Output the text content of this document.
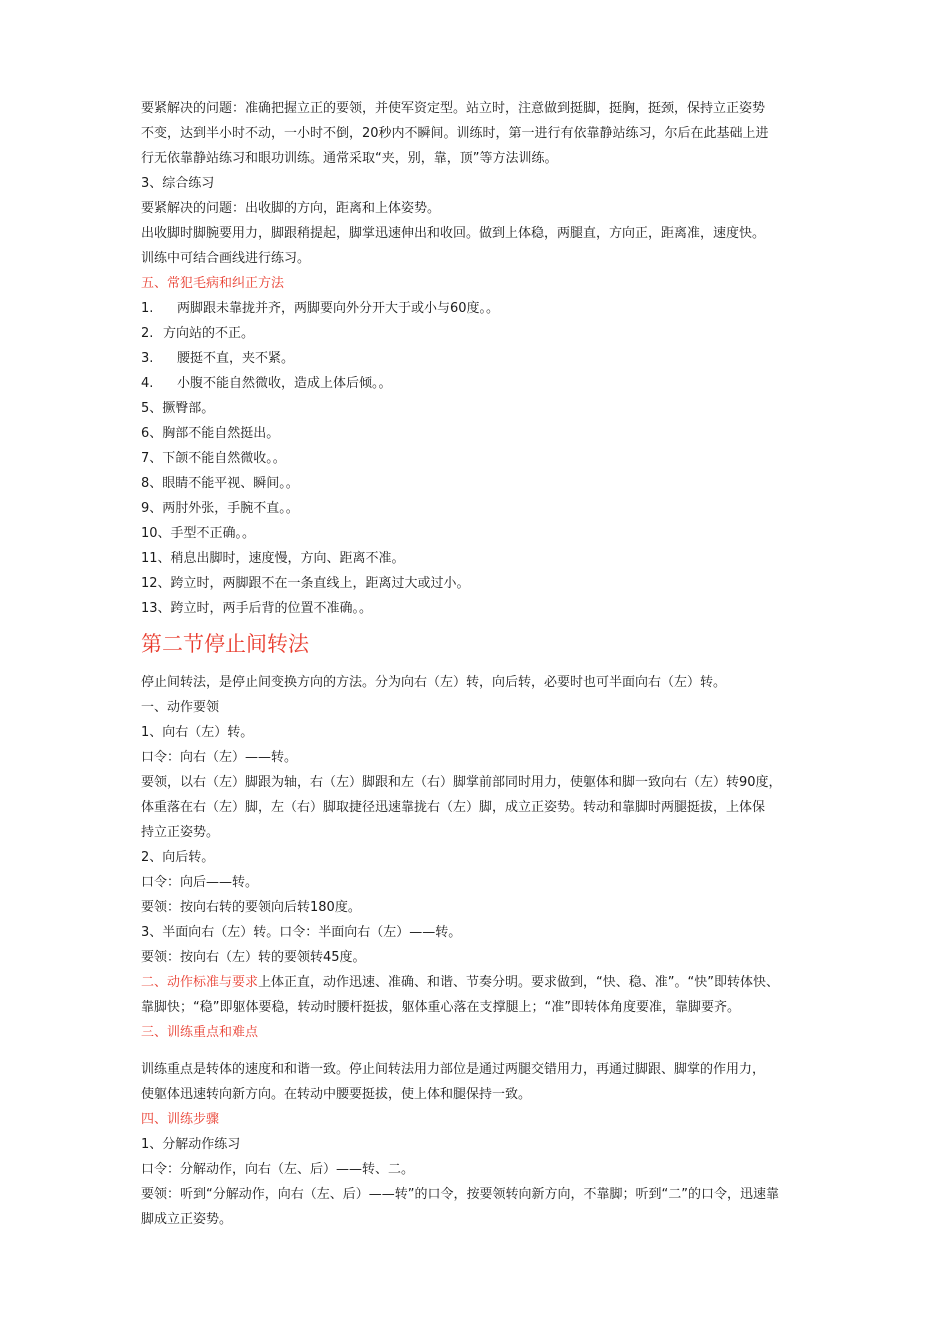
要紧解决的问题：准确把握立正的要领，并使军资定型。站立时，注意做到挺脚，挺胸，挺颈，保持立正姿势

不变，达到半小时不动，一小时不倒，20秒内不瞬间。训练时，第一进行有依靠静站练习，尔后在此基础上进

行无依靠静站练习和眼功训练。通常采取“夹，别，靠，顶”等方法训练。

3、综合练习

要紧解决的问题：出收脚的方向，距离和上体姿势。

出收脚时脚腕要用力，脚跟稍提起，脚掌迅速伸出和收回。做到上体稳，两腿直，方向正，距离准，速度快。

训练中可结合画线进行练习。

五、常犯毛病和纠正方法

1. 两脚跟未靠拢并齐，两脚要向外分开大于或小与60度。。

2. 方向站的不正。

3. 腰挺不直，夹不紧。

4. 小腹不能自然微收，造成上体后倾。。

5、撅臀部。

6、胸部不能自然挺出。

7、下颌不能自然微收。。

8、眼睛不能平视、瞬间。。

9、两肘外张，手腕不直。。

10、手型不正确。。

11、稍息出脚时，速度慢，方向、距离不准。

12、跨立时，两脚跟不在一条直线上，距离过大或过小。

13、跨立时，两手后背的位置不准确。。

第二节停止间转法

停止间转法，是停止间变换方向的方法。分为向右（左）转，向后转，必要时也可半面向右（左）转。

一、动作要领

1、向右（左）转。

口令：向右（左）——转。

要领，以右（左）脚跟为轴，右（左）脚跟和左（右）脚掌前部同时用力，使躯体和脚一致向右（左）转90度，

体重落在右（左）脚，左（右）脚取捷径迅速靠拢右（左）脚，成立正姿势。转动和靠脚时两腿挺拔，上体保

持立正姿势。

2、向后转。

口令：向后——转。

要领：按向右转的要领向后转180度。

3、半面向右（左）转。口令：半面向右（左）——转。

要领：按向右（左）转的要领转45度。

二、动作标准与要求上体正直，动作迅速、准确、和谐、节奏分明。要求做到，“快、稳、准”。“快”即转体快、

靠脚快；“稳”即躯体要稳，转动时腰杆挺拔，躯体重心落在支撑腿上；“准”即转体角度要准，靠脚要齐。

三、训练重点和难点

训练重点是转体的速度和和谐一致。停止间转法用力部位是通过两腿交错用力，再通过脚跟、脚掌的作用力，

使躯体迅速转向新方向。在转动中腰要挺拔，使上体和腿保持一致。

四、训练步骤

1、分解动作练习

口令：分解动作，向右（左、后）——转、二。

要领：听到“分解动作，向右（左、后）——转”的口令，按要领转向新方向，不靠脚；听到“二”的口令，迅速靠

脚成立正姿势。
